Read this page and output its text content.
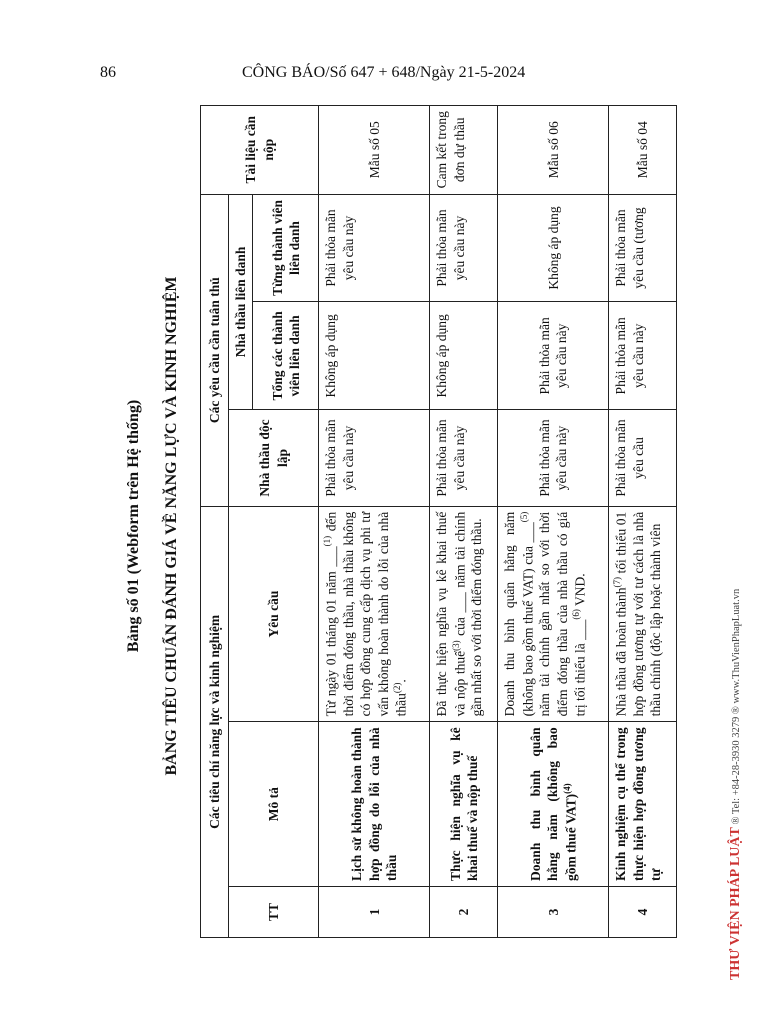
86	CÔNG BÁO/Số 647 + 648/Ngày 21-5-2024
Bảng số 01 (Webform trên Hệ thống) BẢNG TIÊU CHUẨN ĐÁNH GIÁ VỀ NĂNG LỰC VÀ KINH NGHIỆM Các tiêu chí năng lực và kinh nghiệm			Các yêu cầu cần tuân thủ			Tài liệu cần nộp
TT	Mô tả	Yêu cầu	Nhà thầu độc lập	Nhà thầu liên danh		
				Tổng các thành viên liên danh	Từng thành viên liên danh	
1	Lịch sử không hoàn thành hợp đồng do lỗi của nhà thầu	Từ ngày 01 tháng 01 năm ___$^{(1)}$ đến thời điểm đóng thầu, nhà thầu không có hợp đồng cung cấp dịch vụ phi tư vấn không hoàn thành do lỗi của nhà thầu$^{(2)}$.	Phải thỏa mãn yêu cầu này	Không áp dụng	Phải thỏa mãn yêu cầu này	Mẫu số 05
2	Thực hiện nghĩa vụ kê khai thuế và nộp thuế	Đã thực hiện nghĩa vụ kê khai thuế và nộp thuế$^{(3)}$ của ___ năm tài chính gần nhất so với thời điểm đóng thầu.	Phải thỏa mãn yêu cầu này	Không áp dụng	Phải thỏa mãn yêu cầu này	Cam kết trong đơn dự thầu
3	Doanh thu bình quân hằng năm (không bao gồm thuế VAT)$^{(4)}$	Doanh thu bình quân hằng năm (không bao gồm thuế VAT) của ___$^{(5)}$ năm tài chính gần nhất so với thời điểm đóng thầu của nhà thầu có giá trị tối thiểu là ___$^{(6)}$ VND.	Phải thỏa mãn yêu cầu này	Phải thỏa mãn yêu cầu này	Không áp dụng	Mẫu số 06
4	Kinh nghiệm cụ thể trong thực hiện hợp đồng tương tự	Nhà thầu đã hoàn thành$^{(7)}$ tối thiểu 01 hợp đồng tương tự với tư cách là nhà thầu chính (độc lập hoặc thành viên	Phải thỏa mãn yêu cầu	Phải thỏa mãn yêu cầu này	Phải thỏa mãn yêu cầu (tương	Mẫu số 04
THƯ VIỆN PHÁP LUẬT ® Tel: +84-28-3930 3279 ® www.ThuVienPhapLuat.vn
